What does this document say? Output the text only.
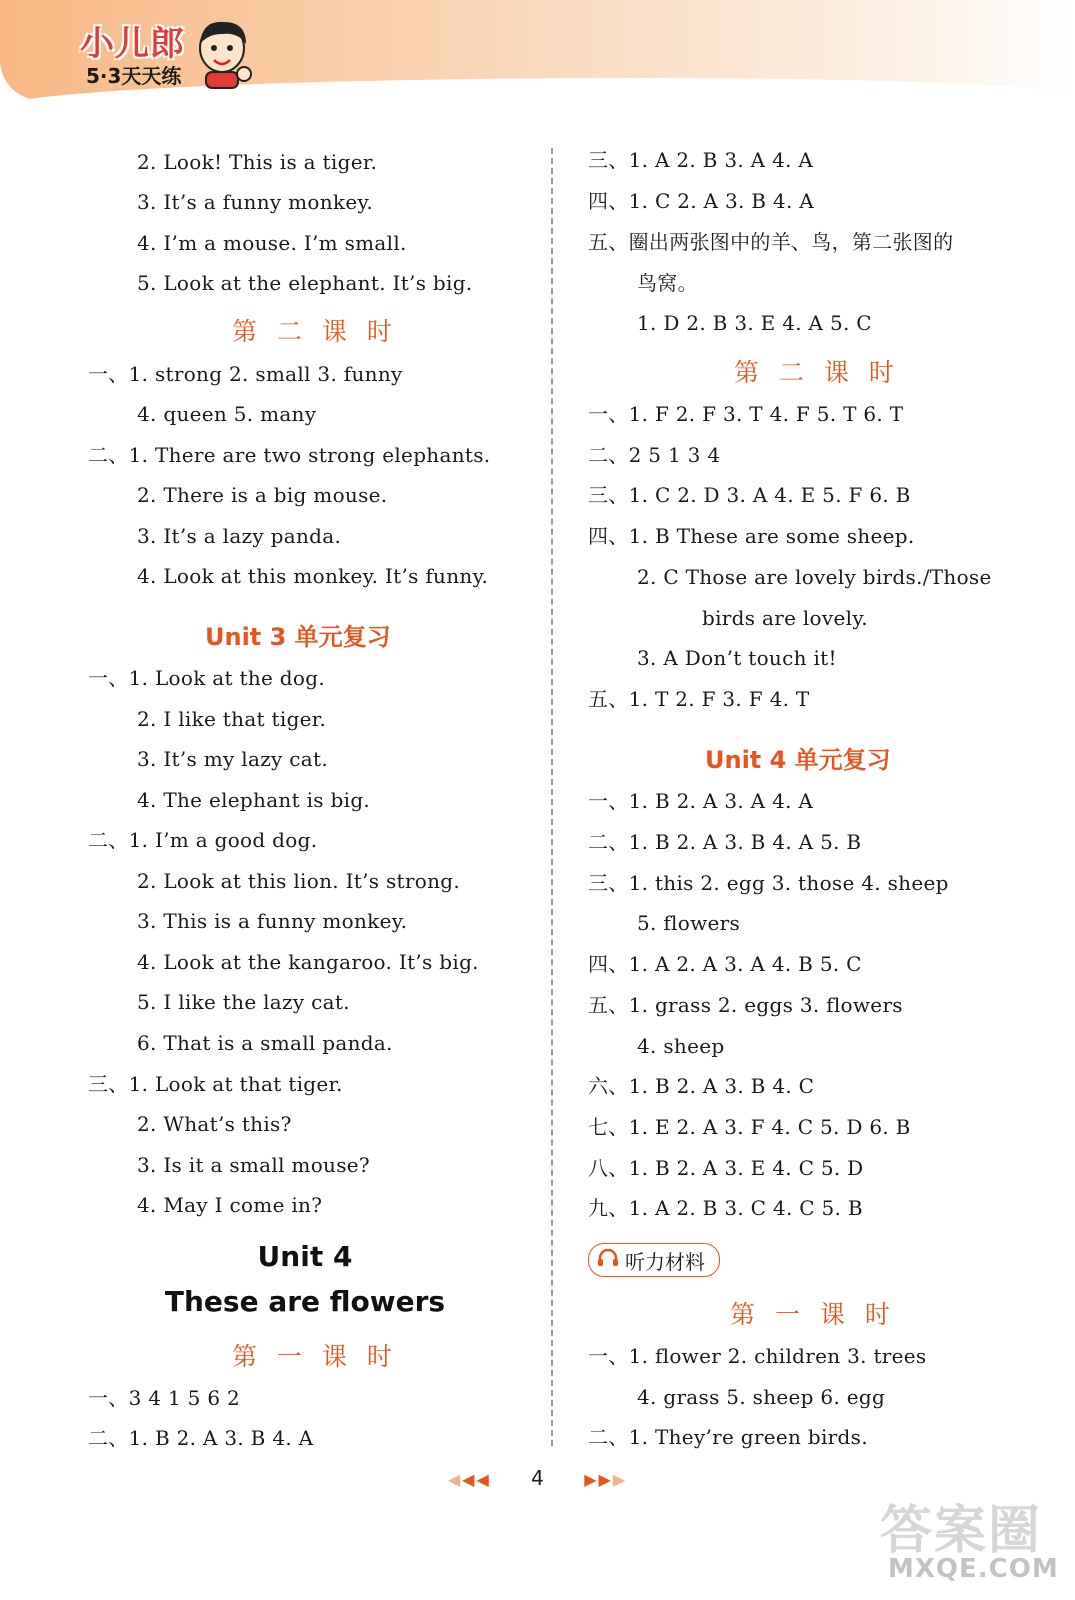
小儿郎
5·3天天练
2. Look! This is a tiger.
3. It’s a funny monkey.
4. I’m a mouse. I’m small.
5. Look at the elephant. It’s big.
第 二 课 时
一、1. strong 2. small 3. funny
4. queen 5. many
二、1. There are two strong elephants.
2. There is a big mouse.
3. It’s a lazy panda.
4. Look at this monkey. It’s funny.
Unit 3 单元复习
一、1. Look at the dog.
2. I like that tiger.
3. It’s my lazy cat.
4. The elephant is big.
二、1. I’m a good dog.
2. Look at this lion. It’s strong.
3. This is a funny monkey.
4. Look at the kangaroo. It’s big.
5. I like the lazy cat.
6. That is a small panda.
三、1. Look at that tiger.
2. What’s this?
3. Is it a small mouse?
4. May I come in?
Unit 4
These are flowers
第 一 课 时
一、3 4 1 5 6 2
二、1. B 2. A 3. B 4. A
三、1. A 2. B 3. A 4. A
四、1. C 2. A 3. B 4. A
五、圈出两张图中的羊、鸟，第二张图的
鸟窝。
1. D 2. B 3. E 4. A 5. C
第 二 课 时
一、1. F 2. F 3. T 4. F 5. T 6. T
二、2 5 1 3 4
三、1. C 2. D 3. A 4. E 5. F 6. B
四、1. B These are some sheep.
2. C Those are lovely birds./Those
birds are lovely.
3. A Don’t touch it!
五、1. T 2. F 3. F 4. T
Unit 4 单元复习
一、1. B 2. A 3. A 4. A
二、1. B 2. A 3. B 4. A 5. B
三、1. this 2. egg 3. those 4. sheep
5. flowers
四、1. A 2. A 3. A 4. B 5. C
五、1. grass 2. eggs 3. flowers
4. sheep
六、1. B 2. A 3. B 4. C
七、1. E 2. A 3. F 4. C 5. D 6. B
八、1. B 2. A 3. E 4. C 5. D
九、1. A 2. B 3. C 4. C 5. B
听力材料
第 一 课 时
一、1. flower 2. children 3. trees
4. grass 5. sheep 6. egg
二、1. They’re green birds.
◀◀◀ 4	▶▶▶
答案圈
MXQE.COM
